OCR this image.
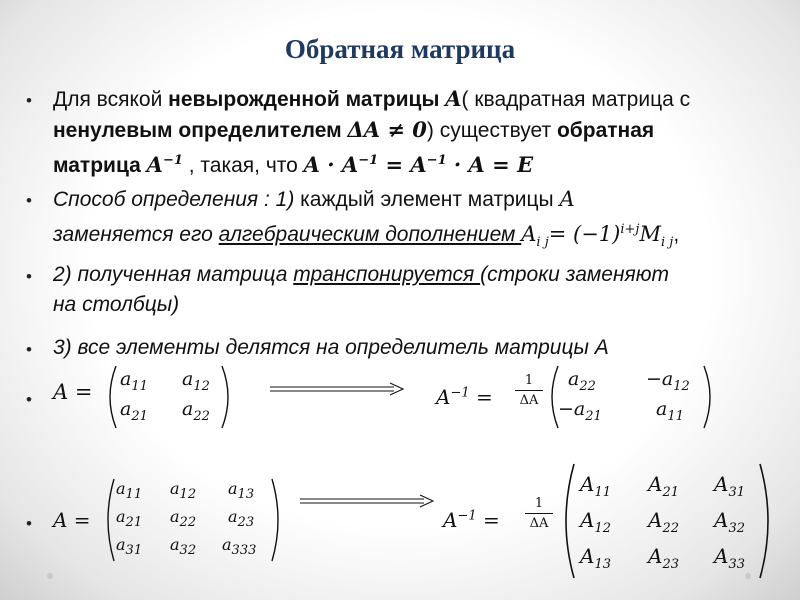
Обратная матрица
• Для всякой невырожденной матрицы A( квадратная матрица с
ненулевым определителем ΔA ≠ 0) существует обратная
матрица $A^{-1}$ , такая, что $A \cdot A^{-1} = A^{-1} \cdot A = E$
• Способ определения : 1) каждый элемент матрицы A
заменяется его алгебраическим дополнением $A_{i j}= (-1)^{i+j}M_{i j}$,
• 2) полученная матрица транспонируется (строки заменяют
на столбцы)
• 3) все элементы делятся на определитель матрицы A
• A =
$a_{11}$ $a_{12}$
$a_{21}$ $a_{22}$
$A^{-1}$ =
1
ΔA
$a_{22}$	$-a_{12}$
$-a_{21}$	$a_{11}$
• A =
$a_{11}$ $a_{12}$ $a_{13}$
$a_{21}$ $a_{22}$ $a_{23}$
$a_{31}$ $a_{32}$ $a_{333}$
$A^{-1}$ =
1
ΔA
$A_{11}$ $A_{21}$ $A_{31}$
$A_{12}$ $A_{22}$ $A_{32}$
$A_{13}$ $A_{23}$ $A_{33}$
